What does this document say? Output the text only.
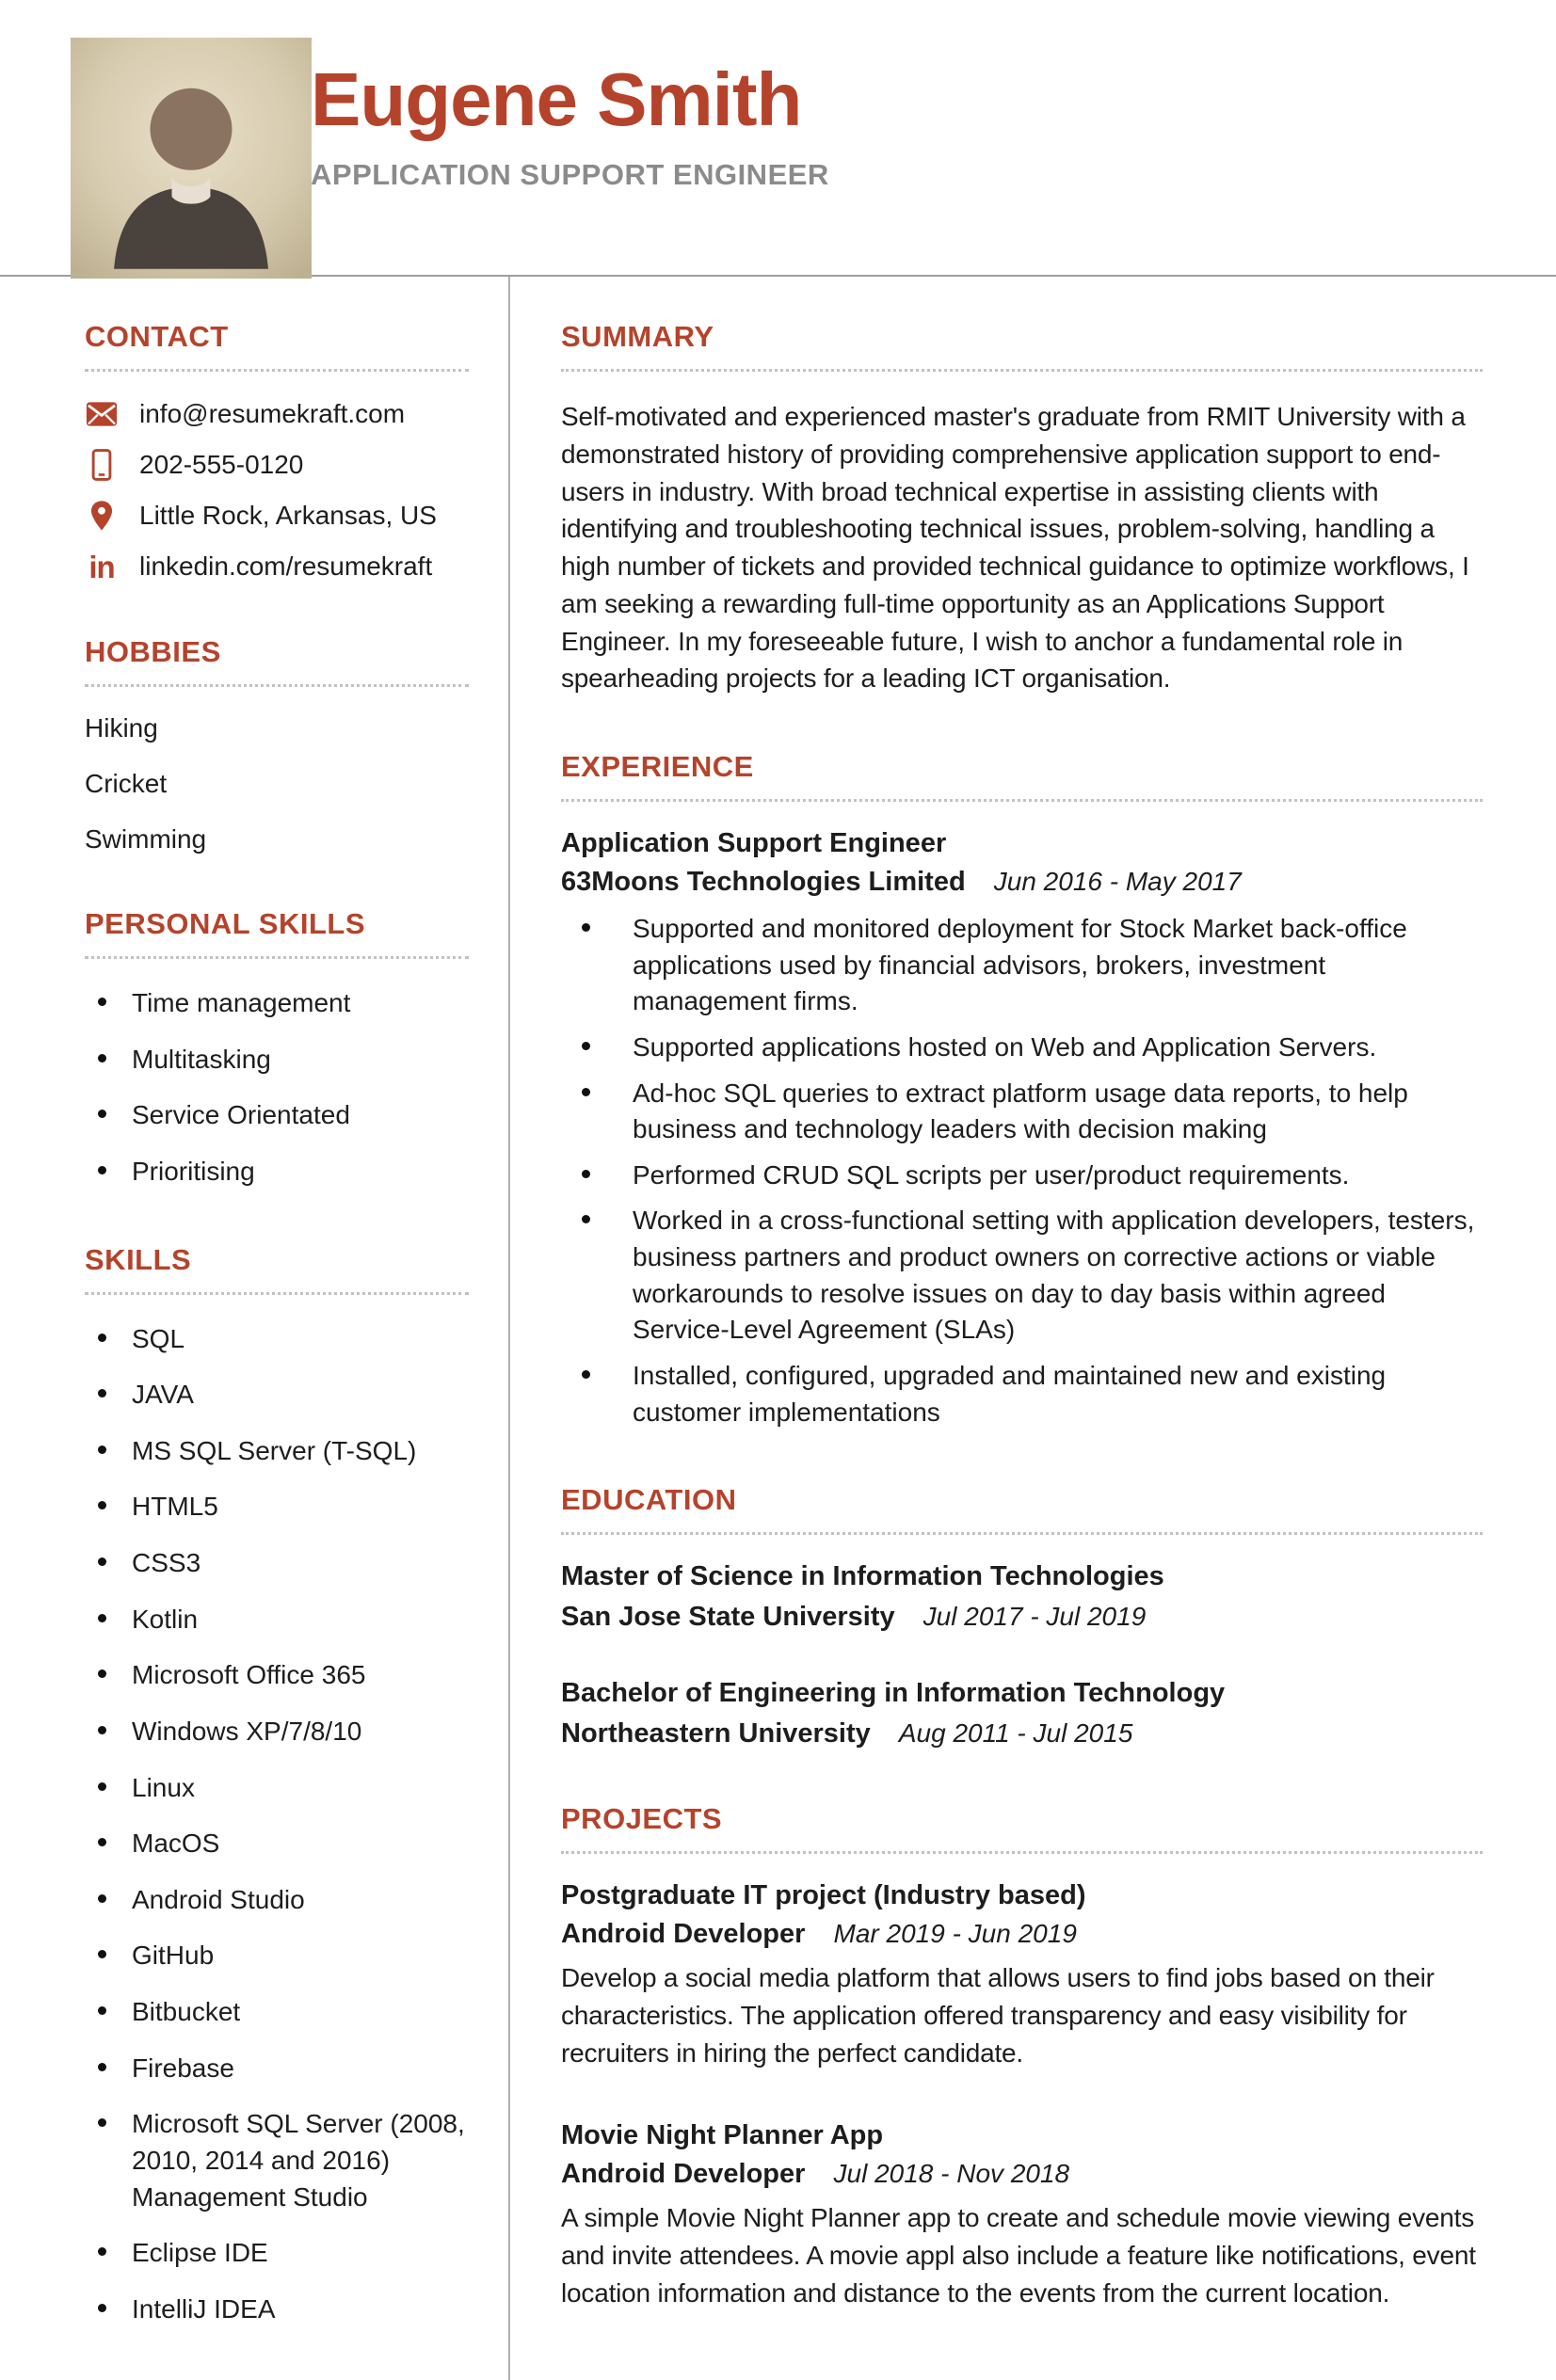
Eugene Smith
APPLICATION SUPPORT ENGINEER
CONTACT
info@resumekraft.com
202-555-0120
Little Rock, Arkansas, US
in linkedin.com/resumekraft
HOBBIES
Hiking
Cricket
Swimming
PERSONAL SKILLS
Time management
Multitasking
Service Orientated
Prioritising
SKILLS
SQL
JAVA
MS SQL Server (T-SQL)
HTML5
CSS3
Kotlin
Microsoft Office 365
Windows XP/7/8/10
Linux
MacOS
Android Studio
GitHub
Bitbucket
Firebase
Microsoft SQL Server (2008, 2010, 2014 and 2016) Management Studio
Eclipse IDE
IntelliJ IDEA
SUMMARY

Self-motivated and experienced master's graduate from RMIT University with a demonstrated history of providing comprehensive application support to end-users in industry. With broad technical expertise in assisting clients with identifying and troubleshooting technical issues, problem-solving, handling a high number of tickets and provided technical guidance to optimize workflows, I am seeking a rewarding full-time opportunity as an Applications Support Engineer. In my foreseeable future, I wish to anchor a fundamental role in spearheading projects for a leading ICT organisation.

EXPERIENCE

Application Support Engineer

63Moons Technologies Limited Jun 2016 - May 2017

Supported and monitored deployment for Stock Market back-office applications used by financial advisors, brokers, investment management firms.
Supported applications hosted on Web and Application Servers.
Ad-hoc SQL queries to extract platform usage data reports, to help business and technology leaders with decision making
Performed CRUD SQL scripts per user/product requirements.
Worked in a cross-functional setting with application developers, testers, business partners and product owners on corrective actions or viable workarounds to resolve issues on day to day basis within agreed Service-Level Agreement (SLAs)
Installed, configured, upgraded and maintained new and existing customer implementations
EDUCATION

Master of Science in Information Technologies

San Jose State University Jul 2017 - Jul 2019

Bachelor of Engineering in Information Technology

Northeastern University Aug 2011 - Jul 2015

PROJECTS

Postgraduate IT project (Industry based)

Android Developer Mar 2019 - Jun 2019

Develop a social media platform that allows users to find jobs based on their characteristics. The application offered transparency and easy visibility for recruiters in hiring the perfect candidate.

Movie Night Planner App

Android Developer Jul 2018 - Nov 2018

A simple Movie Night Planner app to create and schedule movie viewing events and invite attendees. A movie appl also include a feature like notifications, event location information and distance to the events from the current location.
